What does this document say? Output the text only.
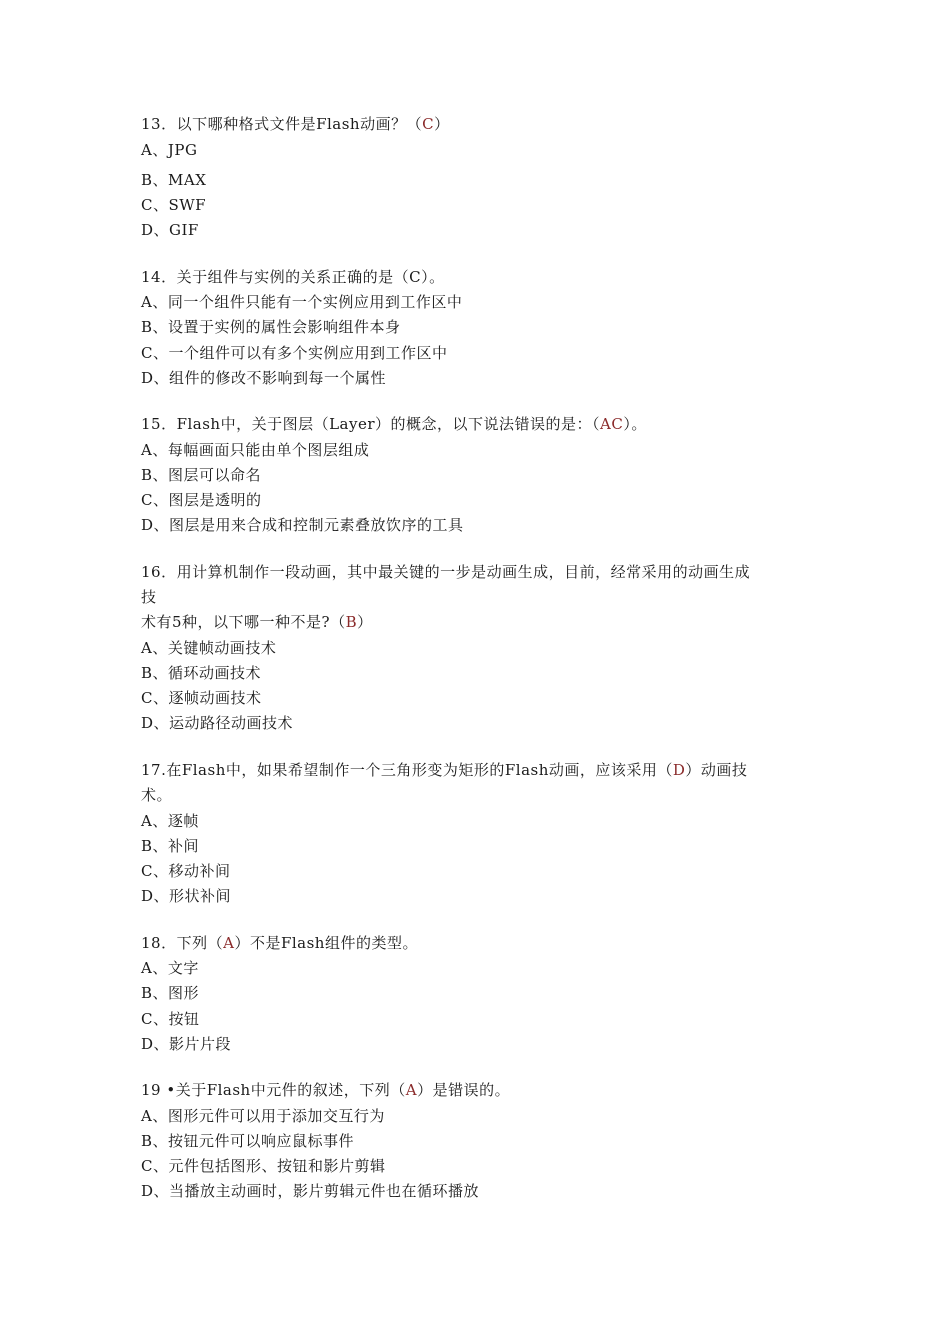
13．以下哪种格式文件是Flash动画？（C）
A、JPG
B、MAX
C、SWF
D、GIF
14．关于组件与实例的关系正确的是（C）。
A、同一个组件只能有一个实例应用到工作区中
B、设置于实例的属性会影响组件本身
C、一个组件可以有多个实例应用到工作区中
D、组件的修改不影响到每一个属性
15．Flash中，关于图层（Layer）的概念，以下说法错误的是：（AC）。
A、每幅画面只能由单个图层组成
B、图层可以命名
C、图层是透明的
D、图层是用来合成和控制元素叠放饮序的工具
16．用计算机制作一段动画，其中最关键的一步是动画生成，目前，经常采用的动画生成
技
术有5种，以下哪一种不是?（B）
A、关键帧动画技术
B、循环动画技术
C、逐帧动画技术
D、运动路径动画技术
17.在Flash中，如果希望制作一个三角形变为矩形的Flash动画，应该采用（D）动画技
术。
A、逐帧
B、补间
C、移动补间
D、形状补间
18．下列（A）不是Flash组件的类型。
A、文字
B、图形
C、按钮
D、影片片段
19 •关于Flash中元件的叙述，下列（A）是错误的。
A、图形元件可以用于添加交互行为
B、按钮元件可以响应鼠标事件
C、元件包括图形、按钮和影片剪辑
D、当播放主动画时，影片剪辑元件也在循环播放
